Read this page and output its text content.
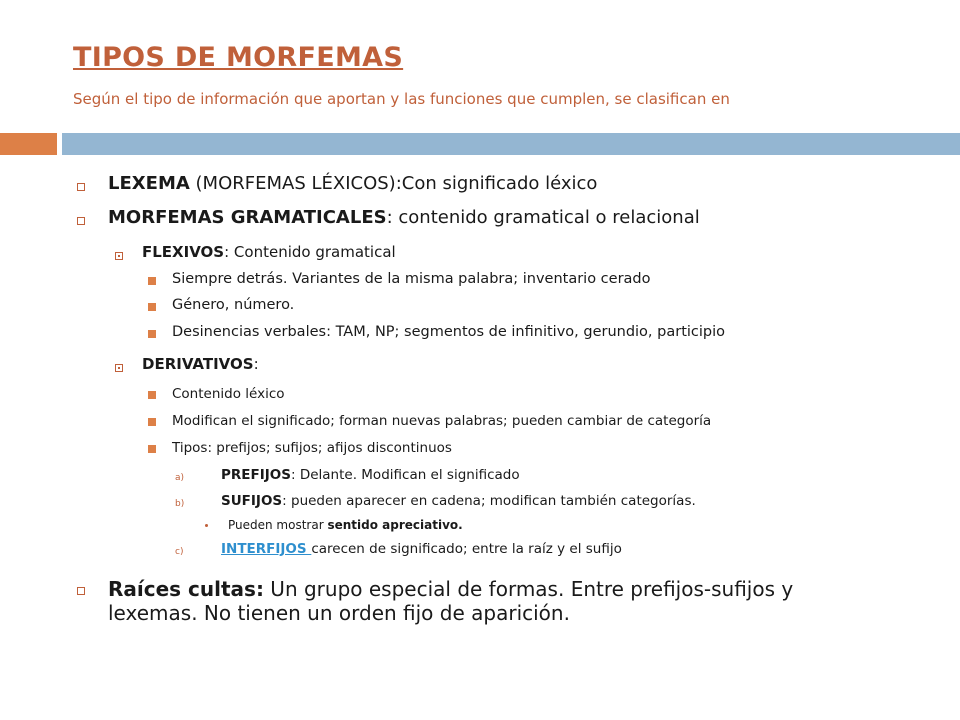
TIPOS DE MORFEMAS

Según el tipo de información que aportan y las funciones que cumplen, se clasifican en

LEXEMA (MORFEMAS LÉXICOS):Con significado léxico
MORFEMAS GRAMATICALES: contenido gramatical o relacional
FLEXIVOS: Contenido gramatical
Siempre detrás. Variantes de la misma palabra; inventario cerado
Género, número.
Desinencias verbales: TAM, NP; segmentos de infinitivo, gerundio, participio
DERIVATIVOS:
Contenido léxico
Modifican el significado; forman nuevas palabras; pueden cambiar de categoría
Tipos: prefijos; sufijos; afijos discontinuos
a)	PREFIJOS: Delante. Modifican el significado
b)	SUFIJOS: pueden aparecer en cadena; modifican también categorías.
Pueden mostrar sentido apreciativo.
c)	INTERFIJOS carecen de significado; entre la raíz y el sufijo
Raíces cultas: Un grupo especial de formas. Entre prefijos-sufijos y lexemas. No tienen un orden fijo de aparición.
